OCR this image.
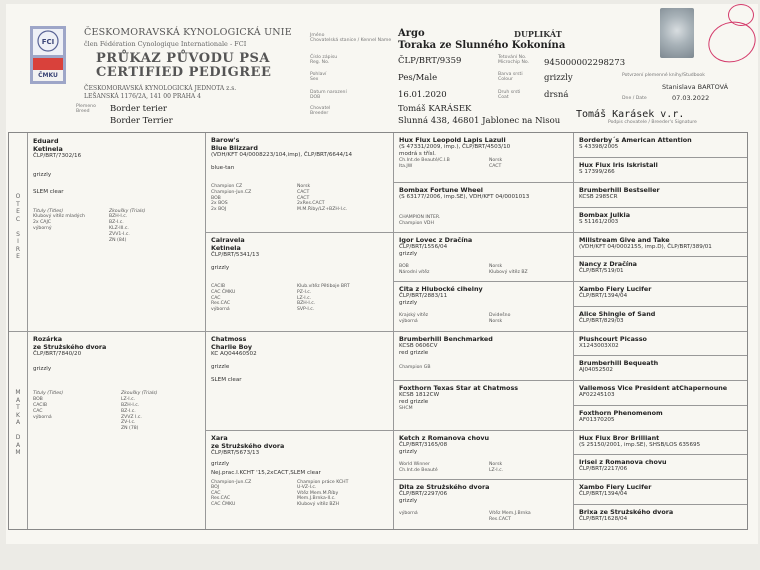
FCI
ČMKU
ČESKOMORAVSKÁ KYNOLOGICKÁ UNIE
člen Fédération Cynologique Internationale - FCI
PRŮKAZ PŮVODU PSA
CERTIFIED PEDIGREE
ČESKOMORAVSKÁ KYNOLOGICKÁ JEDNOTA z.s.
LEŠANSKÁ 1176/2A, 141 00 PRAHA 4
Plemeno
Breed	Border terier
Border Terrier
Jméno
Chovatelská stanice / Kennel Name
Argo
Toraka ze Slunného Kokonína
Číslo zápisu
Reg. No.	ČLP/BRT/9359
Pohlaví
Sex	Pes/Male
Datum narození
DOB	16.01.2020
Chovatel
Breeder	Tomáš KARÁSEK
Slunná 438, 46801 Jablonec na Nisou
DUPLIKÁT
Tetování No.
Microchip No. 945000002298273
Barva srsti
Colour	grizzly
Druh srsti
Coat	drsná
Tomáš Karásek v.r.
Podpis chovatele / Breeder's Signature
Potvrzení plemenné knihy/Studbook
Stanislava BARTOVÁ
Dne / Date	07.03.2022
O
T
E
C

S
I
R
E
M
A
T
K
A

D
A
M
Eduard
Ketinela
ČLP/BRT/7302/16
grizzly
SLEM clear
Tituly (Titles)
Klubový vítěz mladých
2x CAJC
výborný
Zkoušky (Trials)
BZH-I.c.
BZ-I.c.
KLZ-III.c.
ZVV1-I.c.
ZN (84)
Rozárka
ze Strużského dvora
ČLP/BRT/7840/20
grizzly
Tituly (Titles)
BOB
CACIB
CAC
výborná
Zkoušky (Trials)
LZ-I.c.
BZH-I.c.
BZ-I.c.
ZVVZ I.c.
ZV-I.c.
ZN (78)
Barow's
Blue Blizzard
(VDH/KFT 04/0008223/104,imp), ČLP/BRT/6644/14
blue-tan
Champion CZ
Champion-Jun.CZ
BOB
2x BOS
2x BOJ
Norsk
CACT
CACT
2xRes.CACT
M.M.Řiby/LZ+BZH-I.c.
Calravela
Ketinela
ČLP/BRT/5341/13
grizzly
CACIB
CAC ČMKU
CAC
Res.CAC
výborná
Klub.vítěz Pětiboje BRT
PZ-I.c.
LZ-I.c.
BZH-I.c.
SVP-I.c.
Chatmoss
Charlie Boy
KC AQ04460502
grizzle
SLEM clear
Xara
ze Strużského dvora
ČLP/BRT/5673/13
grizzly
Nej.prac.I.KCHT '15,2xCACT,SLEM clear
Champion-Jun.CZ
BOJ
CAC
Res.CAC
CAC ČMKU
Champion práce KCHT
U-VZ-I.c.
Vítěz Mem.M.Říby
Mem.J.Brnka-II.c.
Klubový vítěz BZH
Hux Flux Leopold Lapis Lazuli
(S 47331/2009, imp.), ČLP/BRT/4503/10
modrá s třísl.
Ch.Int.de Beauté/C.I.B
Ita.JW
Norsk
CACT
Bombax Fortune Wheel
(S 63177/2006, imp.SE), VDH/KFT 04/0001013
CHAMPION INTER.
Champion VDH
Igor Lovec z Dračína
ČLP/BRT/1556/04
grizzly
BOB
Národní vítěz
Norsk
Klubový vítěz BZ
Cita z Hlubocké cihelny
ČLP/BRT/2883/11
grizzly
Krajský vítěz
výborná
Dvidešno
Norsk
Brumberhill Benchmarked
KCSB 0606CV
red grizzle
Champion GB
Foxthorn Texas Star at Chatmoss
KCSB 1812CW
red grizzle
SHCM
Ketch z Romanova chovu
ČLP/BRT/3165/08
grizzly
World Winner
Ch.Int.de Beauté
Norsk
LZ-I.c.
Dita ze Strużského dvora
ČLP/BRT/2297/06
grizzly
výborná	Vítěz Mem.J.Brnka
Res.CACT
Borderby´s American Attention
S 43398/2005
Hux Flux Iris Iskristall
S 17399/266
Brumberhill Bestseller
KCSB 2985CR
Bombax Julkia
S 51161/2003
Millstream Give and Take
(VDH/KFT 04/0002155, imp.D), ČLP/BRT/389/01
Nancy z Dračína
ČLP/BRT/519/01
Xambo Fiery Lucifer
ČLP/BRT/1394/04
Alice Shingle of Sand
ČLP/BRT/829/03
Plushcourt Picasso
X1243003X02
Brumberhill Bequeath
AJ04052502
Vallemoss Vice President atChapernoune
AF02245103
Foxthorn Phenomenom
AF01370205
Hux Flux Bror Brilliant
(S 25150/2001, imp.SE), SHSB/LOS 635695
Irisei z Romanova chovu
ČLP/BRT/2217/06
Xambo Fiery Lucifer
ČLP/BRT/1394/04
Brixa ze Strużského dvora
ČLP/BRT/1628/04
